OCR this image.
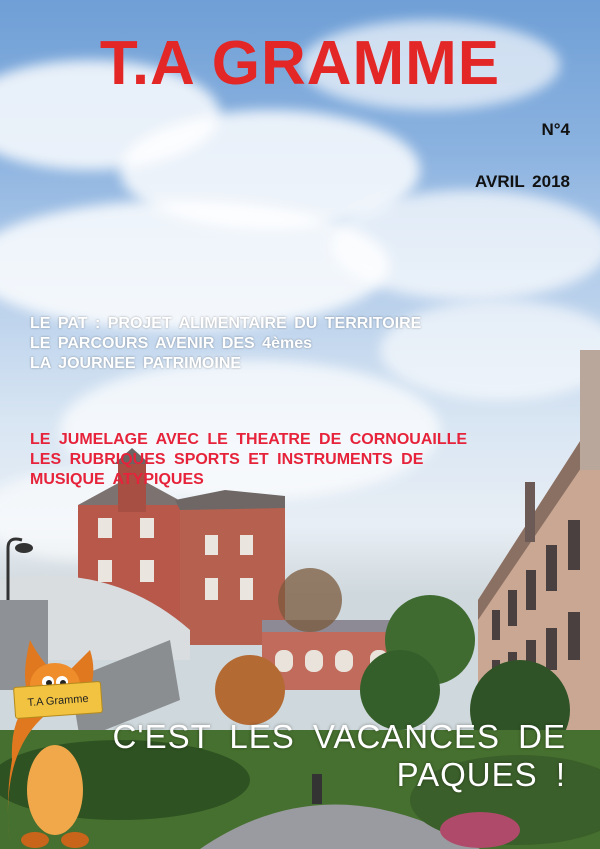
T.A GRAMME
N°4
AVRIL 2018
LE PAT : PROJET ALIMENTAIRE DU TERRITOIRE
LE PARCOURS AVENIR DES 4èmes
LA JOURNEE PATRIMOINE
LE JUMELAGE AVEC LE THEATRE DE CORNOUAILLE
LES RUBRIQUES SPORTS ET INSTRUMENTS DE
MUSIQUE ATYPIQUES
C'EST LES VACANCES DE
PAQUES !
T.A Gramme
